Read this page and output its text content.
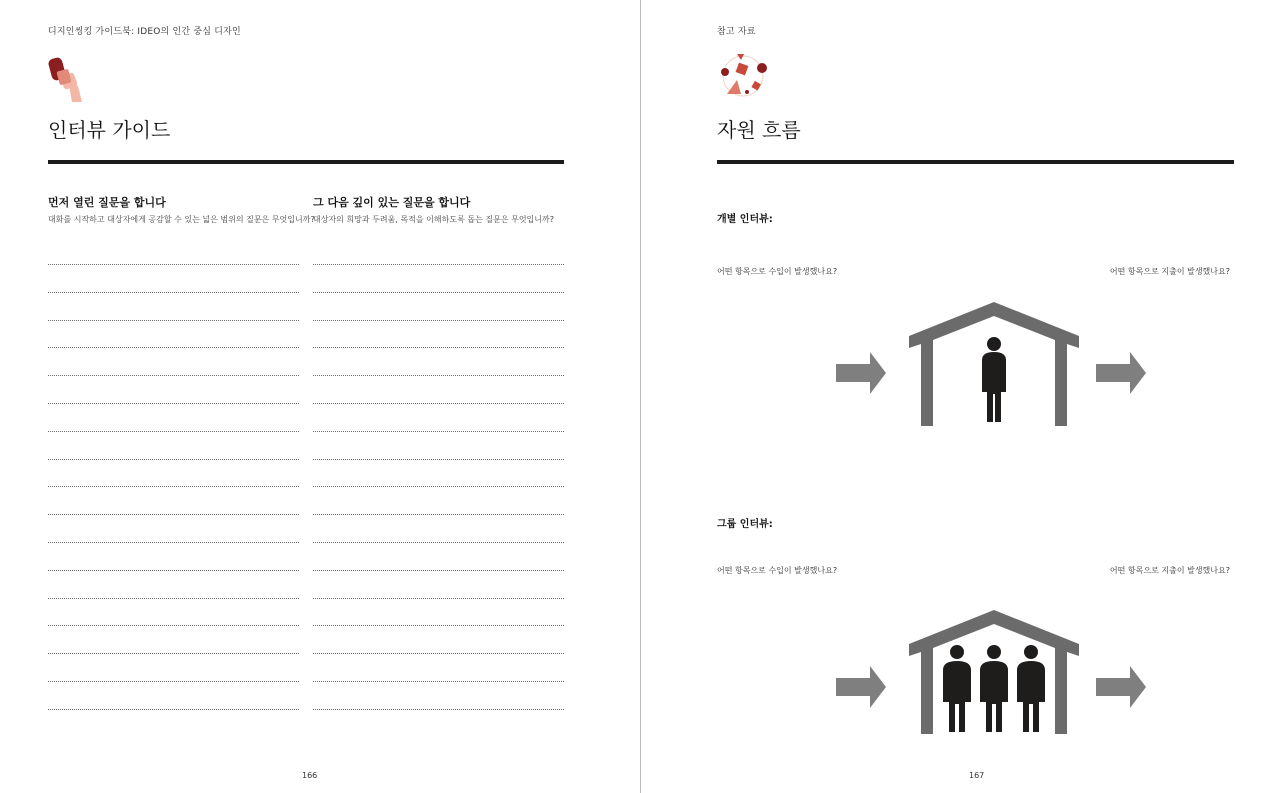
디지인씽킹 가이드북: IDEO의 인간 중심 디자인
인터뷰 가이드
먼저 열린 질문을 합니다
대화를 시작하고 대상자에게 공감할 수 있는 넓은 범위의 질문은 무엇입니까?
그 다음 깊이 있는 질문을 합니다
대상자의 희망과 두려움, 목적을 이해하도록 돕는 질문은 무엇입니까?
166
참고 자료
자원 흐름
개별 인터뷰:
어떤 항목으로 수입이 발생했나요?	어떤 항목으로 지출이 발생했나요?
그룹 인터뷰:
어떤 항목으로 수입이 발생했나요?	어떤 항목으로 지출이 발생했나요?
167
